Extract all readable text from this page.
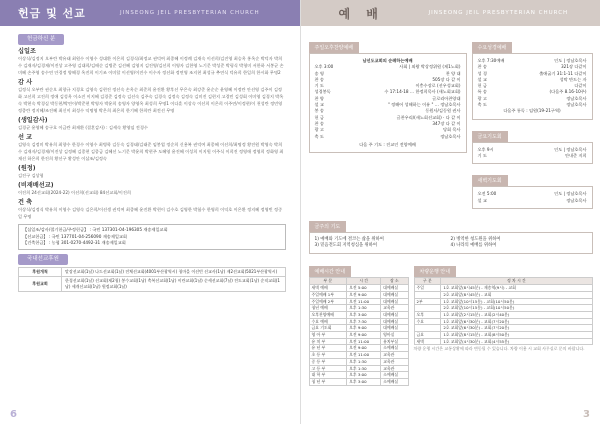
헌금 및 선교	JINSEONG JEIL PRESBYTERIAN CHURCH
헌금하신 분
십일조
이상식/김정지 오부란 박유태 최원수 이영수 성대환 이은희 김경식/최정교 권덕여 최종혜 이정례 김재숙 이선희/김진영 최승옥 홍옥순 박덕자 박희수 김재자/김경재/이진상 고주영 김대희/김애순 김병준 김선혜 김영지 김진영/김선희 이영자 김한영 노기문 박성준 박평식 박형미 서한하 서봉균 손미혜 손주영 송수연 안경정 양해경 옥진희 이기조 이미할 이선영/이진수 이수자 정선화 정연영 조지현 최성규 추연식 덕유희 한일희 한시화 무명2
감 사
김정식 오부란 권순오 최향규 지경호 김영숙 김현진 정선숙 손옥순 최준희 윤진환 황후선 무은숙 최강준 윤순순 윤영혜 이정란 안선영 김주이 김정화 고선희 고진희 정애 김성옥 이소진 이지혜 김경준 김정숙 김선숙 김주숙 김경숙 김정숙 김정숙 김미진 김현지 고경민 김성회 이미영 김경지 박옥숙 박현숙 박경실 박동현/박연이/박준현 박영자 박윤희 송영자 양영옥 최성희 무명1 이다훈 이상숙 이선희 이은희 이주연/이정현/이 천성란 정민영 정종란 정지혜/조진혜 최신이 최성수 익명영 박은희 최은희 한기혜 한희란 최전선 무명
(생일감사)
김경균 윤영혜 송구호 이금란 최재환 (결혼감사) : 김세숙 황영임 전경수
선 교
김영숙 김정미 박유희 최향수 한경수 이영수 최병학 김동숙 김경태/김태준 임봉업 정순희 신용복 권덕여 최종혜 이선희/최명정 황진원 박영숙 박희수 김재자/김경재/이진상 김정혜 김종현 김종금 김혜선 노기문 박윤희 박현주 도혜영 윤진혜 이성희 이지원 이주식 이희진 정영애 정영희 정화영 최재선 하은희 한진희 황선구 황성안 이삼조/김정숙
(원정)
김진구 김상형
(비재배선교)
이진희 24선교회(2024-22) 이선희(선교회) 84선교회/이진희
건 축
이상식/김정식 박유희 이영수 김영숙 김은희/이선생 권덕여 최종혜 윤진환 박현이 김수호 김영한 박험수 한영희 이익호 이은환 정지혜 정영빈 정중일 무명
【십일조/감사/절기헌금/주정헌금】 : 국민 137301-04-196305 재송제일교회
【선교헌금】 : 국민 137701-04-256090 재송제일교회
【건축헌금】 : 농협 301-0270-4492-31 재송제일교회
국내선교후원
후원개척	말장선교회(1남) 나드선교회(1남) 전체선교회(4001부산광역시) 청마을 이선빈 선교사(1남) 제2선교회(5021부산광역시)
후원교회	한경선교회(1남) 선교회(제2청) 봉수교회(1남) 축복선교회(1남) 이란교회(1남) 순세선교회(7남) 전도교회(1남) 순직교회(1남) 세개선교회(1남) 원정교회(1남)
6
예 배	JINSEONG JEIL PRESBYTERIAN CHURCH
주일오후찬양예배
남선도교회의 순례하는예배
오후 3:00	사회 | 외왕 박상정위원 (제1노회)
송 영	찬 양 대
찬 송	505장 다 같 이
기 도	이충수장로 (선우성교회)
성경봉독	수 17:14-18 … 한정희목사 (새노회교회)
찬 양	글로리아찬양대
설 교	" 정해어 성해하는 이유 " … 정남호목사
봉 송	동원사/김동원 권사
헌 금	글찬우리/(새노회선교회) · 다 같 이
찬 송	347장 다 같 이
광 고	당회 목사
축 도	정남호목사
다음 주 기도 : 진교인 전양예배
수요성경예배
오후 7:30예배	인도 | 정남호목사
찬 송	321장 다같이
성 경	출애굽기 31:1-11 다같이
설 교	성막 만드는 자
헌 금	다같이
특 송	(다음주 8.16-10주)
광 고	정남호목사
축 도	정남호목사
다음주 통독 : 임원(19-21구역)
금요기도회
오후 9시	인도 | 정남호목사
기 도	안내준 지희
새벽기도회
오전 5:00	인도 | 정남호목사
설 교	정남호목사
금주의 기도
1) 예배와 기도에 결코는 삶을 위하여	2) 병역한 청도원을 위하여
3) 밑음전도회 지역청심을 위하여	4) 나라의 예배를 위하여
예배시간 안내
부 문	시 간	장 소
새벽 예배	오전 5:00	대예배실
주일예배 1부	오전 9:00	대예배실
주일예배 2부	오전 11:00	대예배실
청년 예배	오후 1:30	교육관
오후찬양예배	오후 3:00	대예배실
수요 예배	오후 7:30	대예배실
금요 기도회	오후 9:00	대예배실
영 아 부	오전 9:00	영아실
유 치 부	오전 11:00	유치부실
유 년 부	오전 9:00	소예배실
초 등 부	오전 11:00	교육관
중 등 부	오후 1:30	교육관
고 등 부	오후 1:30	교육관
대 학 부	오후 3:00	소예배실
청 년 부	오후 3:00	소예배실
차량운행 안내
구 분	정 차 시 간
주일	1호 교회앞(8시45분) - 재송역(9시) - 교회
	2호 교회앞(8시45분) - 교회
2부	1호 교회앞(10시15분) - 교회(10시50분)
	2호 교회앞(10시15분) - 교회(10시50분)
오후	1호 교회앞(2시15분) - 교회(2시40분)
수요	1호 교회앞(6시30분) - 교회(7시20분)
	2호 교회앞(6시30분) - 교회(7시20분)
금요	1호 교회앞(8시15분) - 교회(8시50분)
새벽	1호 교회앞(4시30분) - 교회(4시55분)
차량 운행 시간은 교통상황에 따라 변동될 수 있습니다. 차량 이용 시 교회 사무실로 문의 바랍니다.
3
